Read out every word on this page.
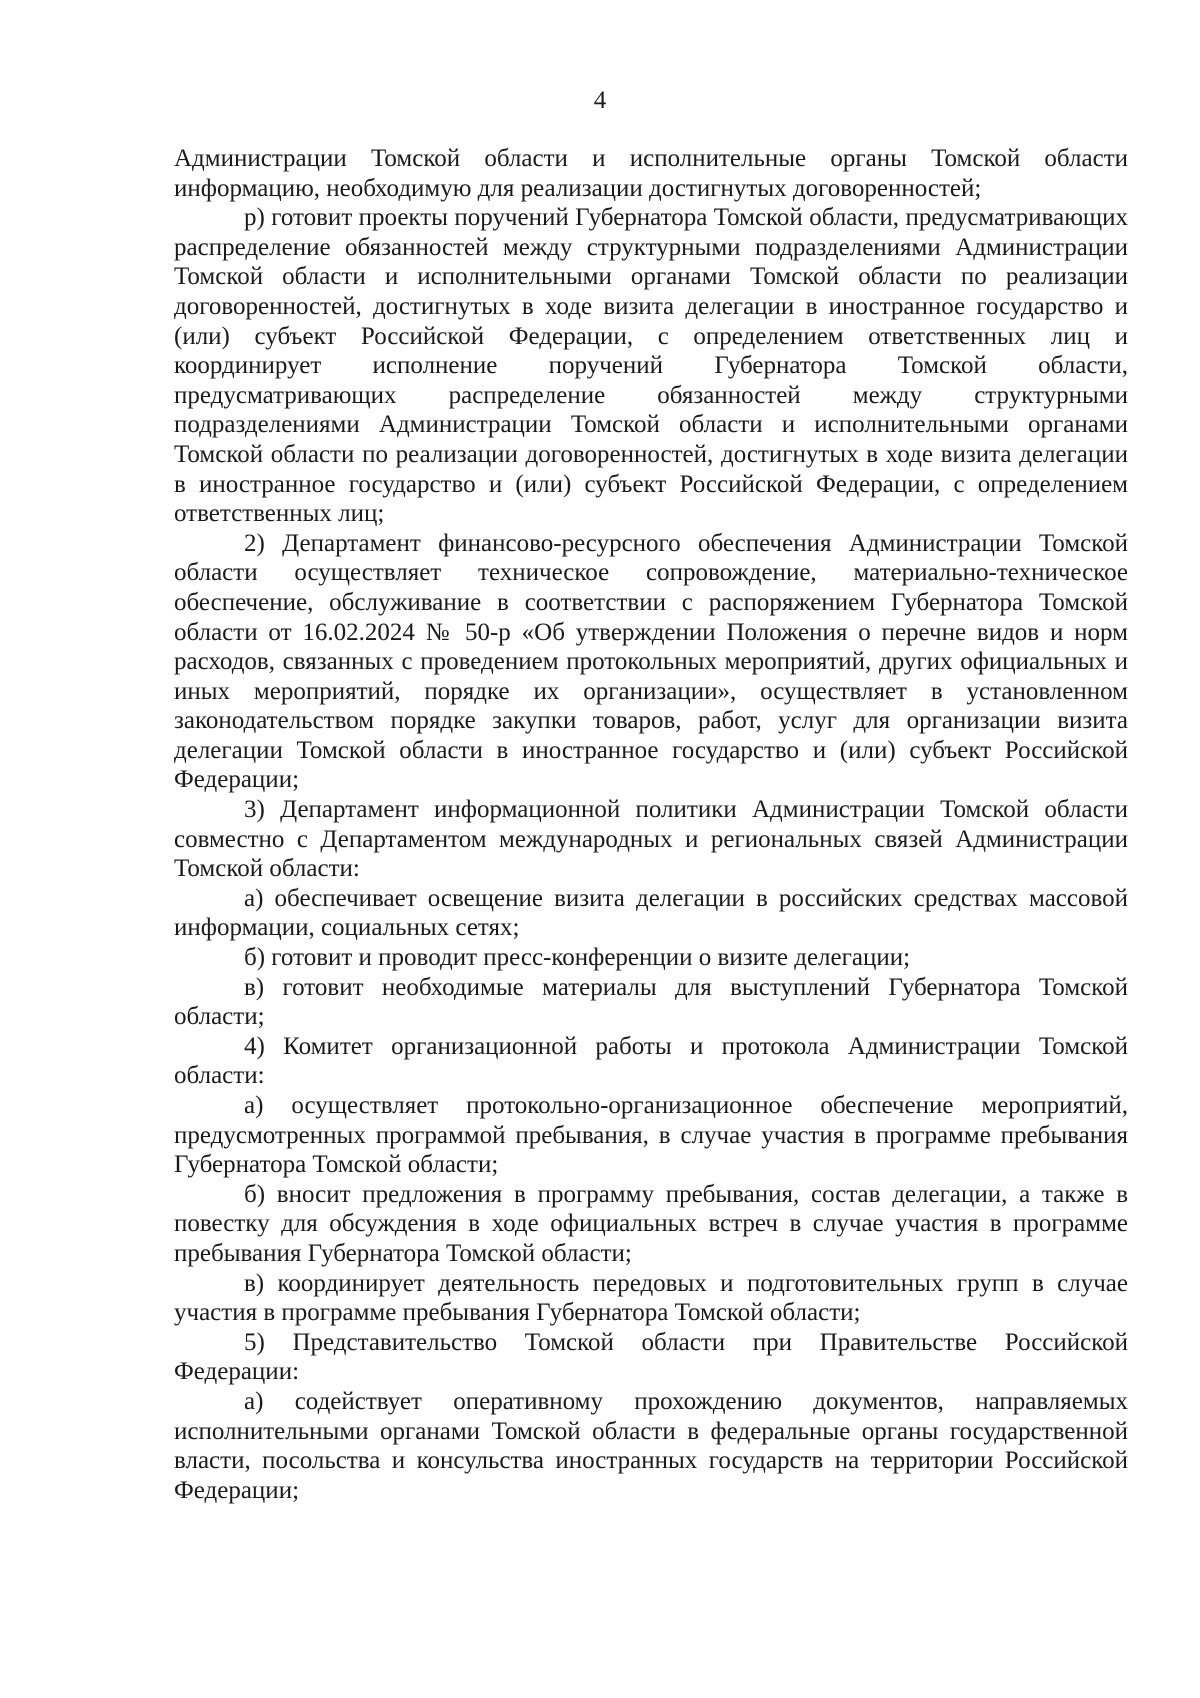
4

Администрации Томской области и исполнительные органы Томской области информацию, необходимую для реализации достигнутых договоренностей;

р) готовит проекты поручений Губернатора Томской области, предусматривающих распределение обязанностей между структурными подразделениями Администрации Томской области и исполнительными органами Томской области по реализации договоренностей, достигнутых в ходе визита делегации в иностранное государство и (или) субъект Российской Федерации, с определением ответственных лиц и координирует исполнение поручений Губернатора Томской области, предусматривающих распределение обязанностей между структурными подразделениями Администрации Томской области и исполнительными органами Томской области по реализации договоренностей, достигнутых в ходе визита делегации в иностранное государство и (или) субъект Российской Федерации, с определением ответственных лиц;

2) Департамент финансово-ресурсного обеспечения Администрации Томской области осуществляет техническое сопровождение, материально-техническое обеспечение, обслуживание в соответствии с распоряжением Губернатора Томской области от 16.02.2024 № 50-р «Об утверждении Положения о перечне видов и норм расходов, связанных с проведением протокольных мероприятий, других официальных и иных мероприятий, порядке их организации», осуществляет в установленном законодательством порядке закупки товаров, работ, услуг для организации визита делегации Томской области в иностранное государство и (или) субъект Российской Федерации;

3) Департамент информационной политики Администрации Томской области совместно с Департаментом международных и региональных связей Администрации Томской области:

а) обеспечивает освещение визита делегации в российских средствах массовой информации, социальных сетях;

б) готовит и проводит пресс-конференции о визите делегации;

в) готовит необходимые материалы для выступлений Губернатора Томской области;

4) Комитет организационной работы и протокола Администрации Томской области:

а) осуществляет протокольно-организационное обеспечение мероприятий, предусмотренных программой пребывания, в случае участия в программе пребывания Губернатора Томской области;

б) вносит предложения в программу пребывания, состав делегации, а также в повестку для обсуждения в ходе официальных встреч в случае участия в программе пребывания Губернатора Томской области;

в) координирует деятельность передовых и подготовительных групп в случае участия в программе пребывания Губернатора Томской области;

5) Представительство Томской области при Правительстве Российской Федерации:

а) содействует оперативному прохождению документов, направляемых исполнительными органами Томской области в федеральные органы государственной власти, посольства и консульства иностранных государств на территории Российской Федерации;
